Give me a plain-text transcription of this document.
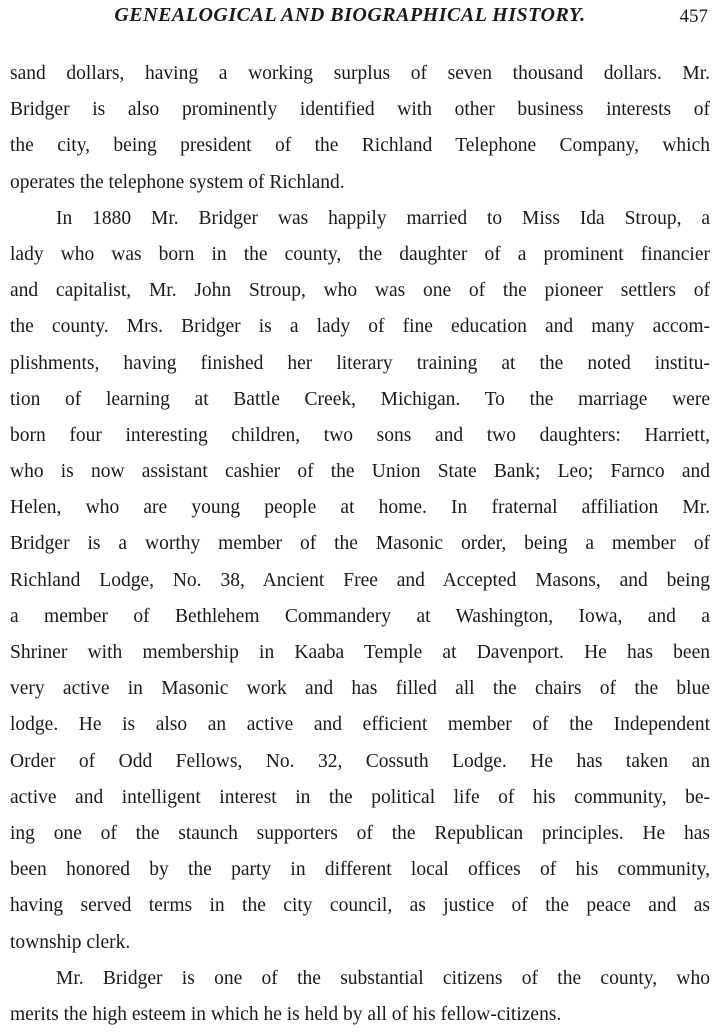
GENEALOGICAL AND BIOGRAPHICAL HISTORY.	457
sand dollars, having a working surplus of seven thousand dollars. Mr.
Bridger is also prominently identified with other business interests of
the city, being president of the Richland Telephone Company, which
operates the telephone system of Richland.
In 1880 Mr. Bridger was happily married to Miss Ida Stroup, a
lady who was born in the county, the daughter of a prominent financier
and capitalist, Mr. John Stroup, who was one of the pioneer settlers of
the county. Mrs. Bridger is a lady of fine education and many accom-
plishments, having finished her literary training at the noted institu-
tion of learning at Battle Creek, Michigan. To the marriage were
born four interesting children, two sons and two daughters: Harriett,
who is now assistant cashier of the Union State Bank; Leo; Farnco and
Helen, who are young people at home. In fraternal affiliation Mr.
Bridger is a worthy member of the Masonic order, being a member of
Richland Lodge, No. 38, Ancient Free and Accepted Masons, and being
a member of Bethlehem Commandery at Washington, Iowa, and a
Shriner with membership in Kaaba Temple at Davenport. He has been
very active in Masonic work and has filled all the chairs of the blue
lodge. He is also an active and efficient member of the Independent
Order of Odd Fellows, No. 32, Cossuth Lodge. He has taken an
active and intelligent interest in the political life of his community, be-
ing one of the staunch supporters of the Republican principles. He has
been honored by the party in different local offices of his community,
having served terms in the city council, as justice of the peace and as
township clerk.
Mr. Bridger is one of the substantial citizens of the county, who
merits the high esteem in which he is held by all of his fellow-citizens.
